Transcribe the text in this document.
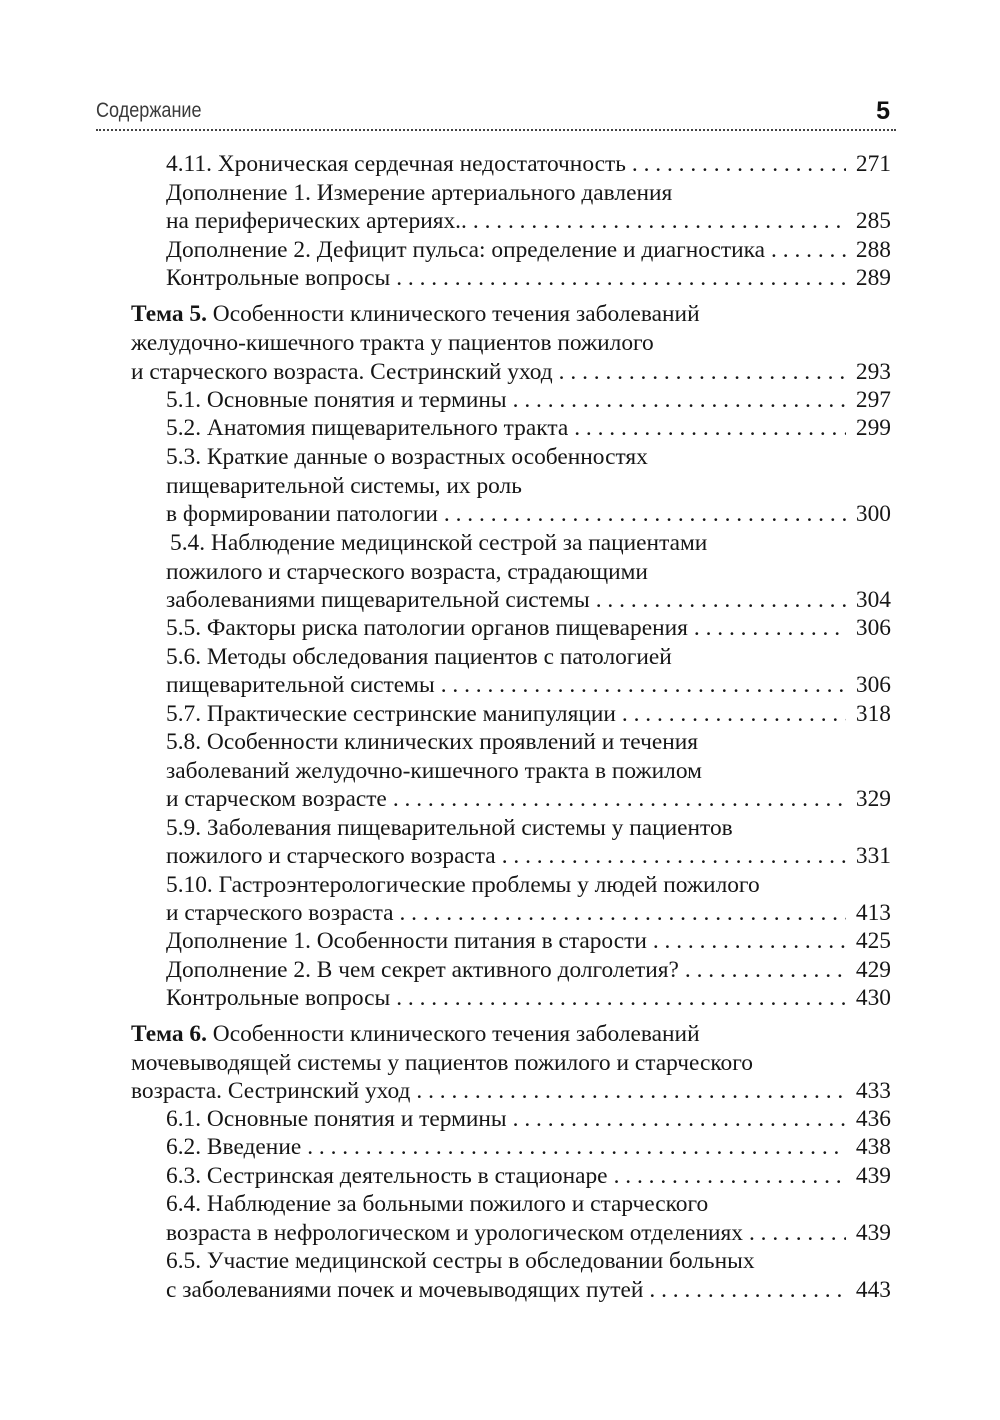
Содержание	5
4.11. Хроническая сердечная недостаточность . . .	271
Дополнение 1. Измерение артериального давления
на периферических артериях.. . . .	285
Дополнение 2. Дефицит пульса: определение и диагностика . . .	288
Контрольные вопросы . . .	289
Тема 5. Особенности клинического течения заболеваний
желудочно-кишечного тракта у пациентов пожилого
и старческого возраста. Сестринский уход . . .	293
5.1. Основные понятия и термины . . .	297
5.2. Анатомия пищеварительного тракта . . .	299
5.3. Краткие данные о возрастных особенностях
пищеварительной системы, их роль
в формировании патологии . . .	300
5.4. Наблюдение медицинской сестрой за пациентами
пожилого и старческого возраста, страдающими
заболеваниями пищеварительной системы . . .	304
5.5. Факторы риска патологии органов пищеварения . . .	306
5.6. Методы обследования пациентов с патологией
пищеварительной системы . . .	306
5.7. Практические сестринские манипуляции . . .	318
5.8. Особенности клинических проявлений и течения
заболеваний желудочно-кишечного тракта в пожилом
и старческом возрасте . . .	329
5.9. Заболевания пищеварительной системы у пациентов
пожилого и старческого возраста . . .	331
5.10. Гастроэнтерологические проблемы у людей пожилого
и старческого возраста . . .	413
Дополнение 1. Особенности питания в старости . . .	425
Дополнение 2. В чем секрет активного долголетия? . . .	429
Контрольные вопросы . . .	430
Тема 6. Особенности клинического течения заболеваний
мочевыводящей системы у пациентов пожилого и старческого
возраста. Сестринский уход . . .	433
6.1. Основные понятия и термины . . .	436
6.2. Введение . . .	438
6.3. Сестринская деятельность в стационаре . . .	439
6.4. Наблюдение за больными пожилого и старческого
возраста в нефрологическом и урологическом отделениях . . .	439
6.5. Участие медицинской сестры в обследовании больных
с заболеваниями почек и мочевыводящих путей . . .	443
